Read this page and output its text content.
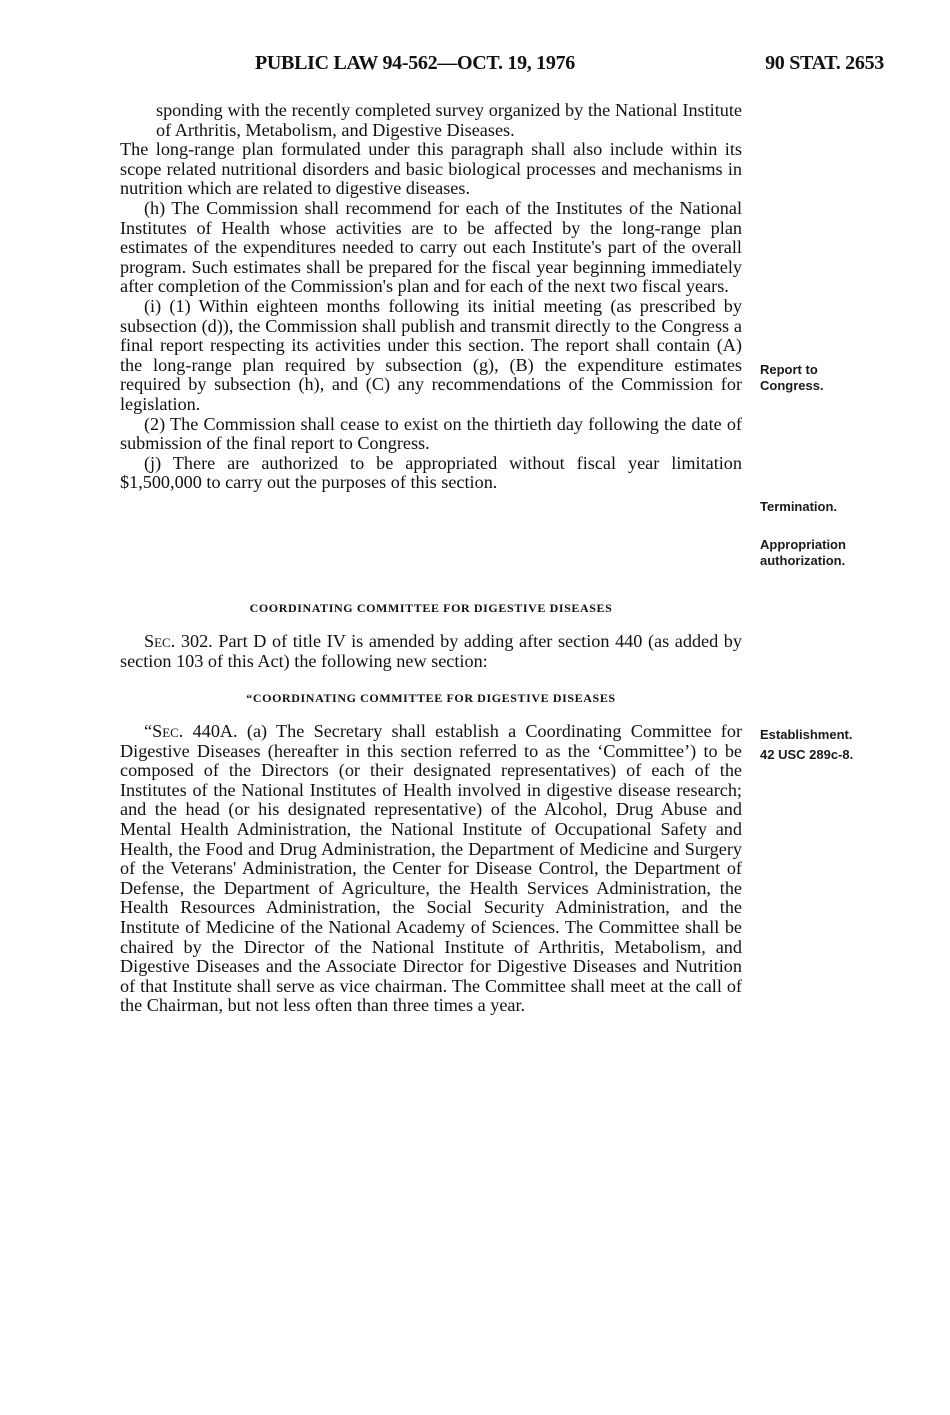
PUBLIC LAW 94-562—OCT. 19, 1976	90 STAT. 2653

sponding with the recently completed survey organized by the National Institute of Arthritis, Metabolism, and Digestive Diseases.

The long-range plan formulated under this paragraph shall also include within its scope related nutritional disorders and basic biological processes and mechanisms in nutrition which are related to digestive diseases.

(h) The Commission shall recommend for each of the Institutes of the National Institutes of Health whose activities are to be affected by the long-range plan estimates of the expenditures needed to carry out each Institute's part of the overall program. Such estimates shall be prepared for the fiscal year beginning immediately after completion of the Commission's plan and for each of the next two fiscal years.

(i) (1) Within eighteen months following its initial meeting (as prescribed by subsection (d)), the Commission shall publish and transmit directly to the Congress a final report respecting its activities under this section. The report shall contain (A) the long-range plan required by subsection (g), (B) the expenditure estimates required by subsection (h), and (C) any recommendations of the Commission for legislation.

(2) The Commission shall cease to exist on the thirtieth day following the date of submission of the final report to Congress.

(j) There are authorized to be appropriated without fiscal year limitation $1,500,000 to carry out the purposes of this section.

COORDINATING COMMITTEE FOR DIGESTIVE DISEASES

Sec. 302. Part D of title IV is amended by adding after section 440 (as added by section 103 of this Act) the following new section:

“COORDINATING COMMITTEE FOR DIGESTIVE DISEASES

“Sec. 440A. (a) The Secretary shall establish a Coordinating Committee for Digestive Diseases (hereafter in this section referred to as the ‘Committee’) to be composed of the Directors (or their designated representatives) of each of the Institutes of the National Institutes of Health involved in digestive disease research; and the head (or his designated representative) of the Alcohol, Drug Abuse and Mental Health Administration, the National Institute of Occupational Safety and Health, the Food and Drug Administration, the Department of Medicine and Surgery of the Veterans' Administration, the Center for Disease Control, the Department of Defense, the Department of Agriculture, the Health Services Administration, the Health Resources Administration, the Social Security Administration, and the Institute of Medicine of the National Academy of Sciences. The Committee shall be chaired by the Director of the National Institute of Arthritis, Metabolism, and Digestive Diseases and the Associate Director for Digestive Diseases and Nutrition of that Institute shall serve as vice chairman. The Committee shall meet at the call of the Chairman, but not less often than three times a year.

Report to
Congress.
Termination.
Appropriation
authorization.
Establishment.
42 USC 289c-8.
